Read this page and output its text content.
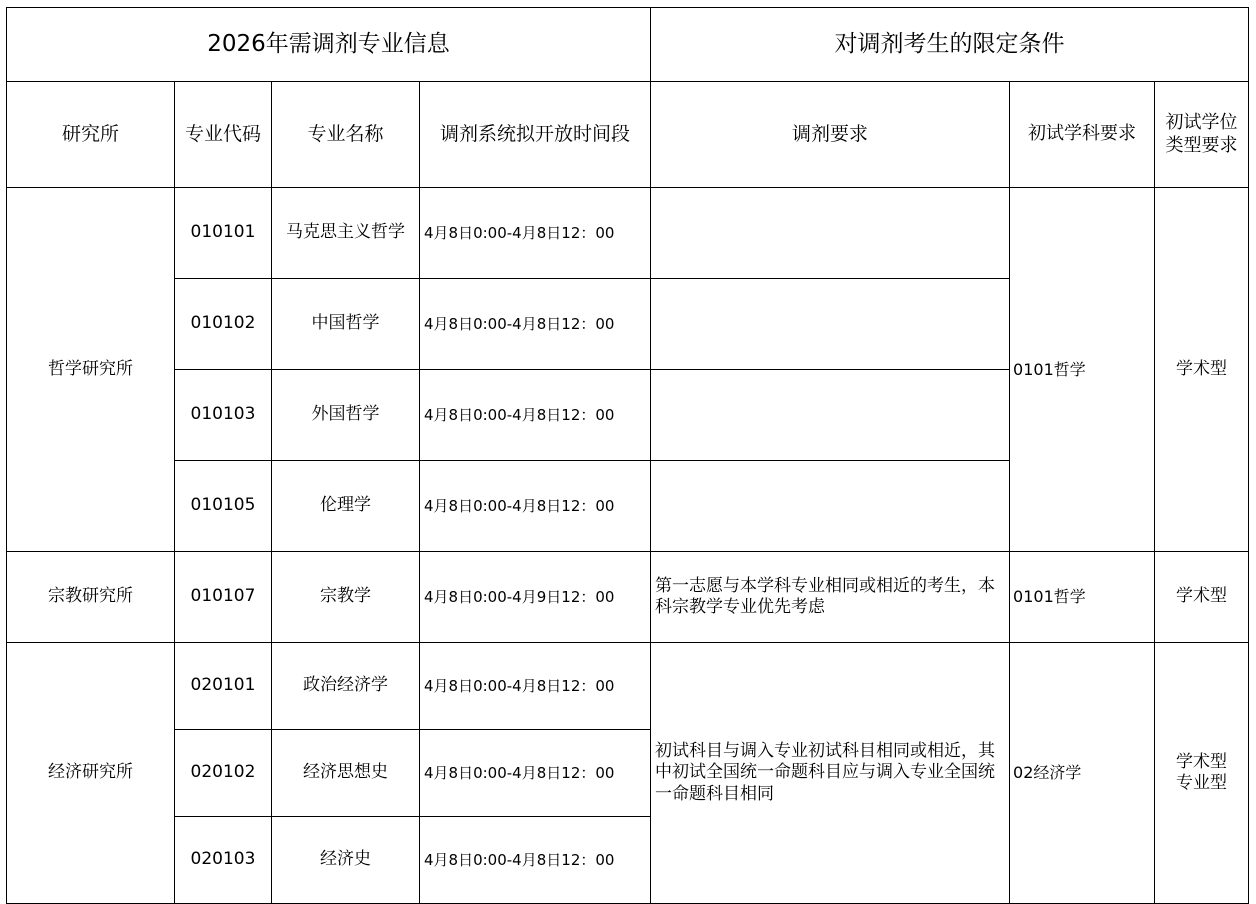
2026年需调剂专业信息				对调剂考生的限定条件		
研究所	专业代码	专业名称	调剂系统拟开放时间段	调剂要求	初试学科要求	初试学位
类型要求

哲学研究所	010101	马克思主义哲学	4月8日0:00-4月8日12：00		0101哲学	学术型
	010102	中国哲学	4月8日0:00-4月8日12：00			
	010103	外国哲学	4月8日0:00-4月8日12：00			
	010105	伦理学	4月8日0:00-4月8日12：00			
宗教研究所	010107	宗教学	4月8日0:00-4月9日12：00	第一志愿与本学科专业相同或相近的考生，本科宗教学专业优先考虑	0101哲学	学术型
经济研究所	020101	政治经济学	4月8日0:00-4月8日12：00	初试科目与调入专业初试科目相同或相近，其中初试全国统一命题科目应与调入专业全国统一命题科目相同	02经济学	学术型
专业型

	020102	经济思想史	4月8日0:00-4月8日12：00			
	020103	经济史	4月8日0:00-4月8日12：00			
